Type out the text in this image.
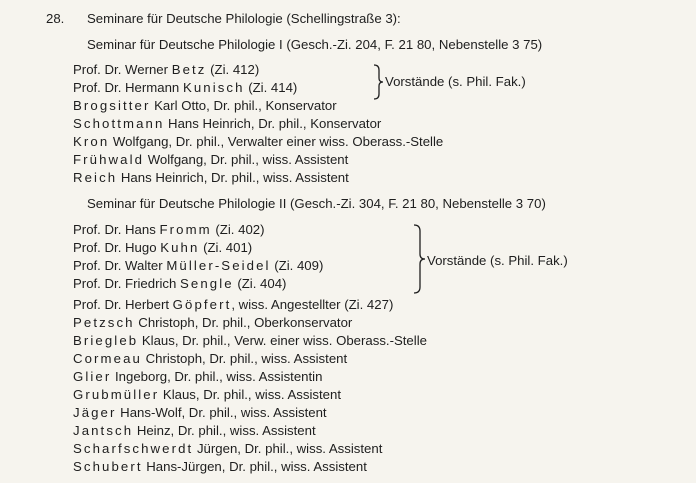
28. Seminare für Deutsche Philologie (Schellingstraße 3):
Seminar für Deutsche Philologie I (Gesch.-Zi. 204, F. 21 80, Nebenstelle 3 75)
Prof. Dr. Werner Betz (Zi. 412)
Prof. Dr. Hermann Kunisch (Zi. 414)	Vorstände (s. Phil. Fak.)
Brogsitter Karl Otto, Dr. phil., Konservator
Schottmann Hans Heinrich, Dr. phil., Konservator
Kron Wolfgang, Dr. phil., Verwalter einer wiss. Oberass.-Stelle
Frühwald Wolfgang, Dr. phil., wiss. Assistent
Reich Hans Heinrich, Dr. phil., wiss. Assistent
Seminar für Deutsche Philologie II (Gesch.-Zi. 304, F. 21 80, Nebenstelle 3 70)
Prof. Dr. Hans Fromm (Zi. 402)
Prof. Dr. Hugo Kuhn (Zi. 401)
Prof. Dr. Walter Müller-Seidel (Zi. 409)
Prof. Dr. Friedrich Sengle (Zi. 404)
Vorstände (s. Phil. Fak.)
Prof. Dr. Herbert Göpfert, wiss. Angestellter (Zi. 427)
Petzsch Christoph, Dr. phil., Oberkonservator
Briegleb Klaus, Dr. phil., Verw. einer wiss. Oberass.-Stelle
Cormeau Christoph, Dr. phil., wiss. Assistent
Glier Ingeborg, Dr. phil., wiss. Assistentin
Grubmüller Klaus, Dr. phil., wiss. Assistent
Jäger Hans-Wolf, Dr. phil., wiss. Assistent
Jantsch Heinz, Dr. phil., wiss. Assistent
Scharfschwerdt Jürgen, Dr. phil., wiss. Assistent
Schubert Hans-Jürgen, Dr. phil., wiss. Assistent
